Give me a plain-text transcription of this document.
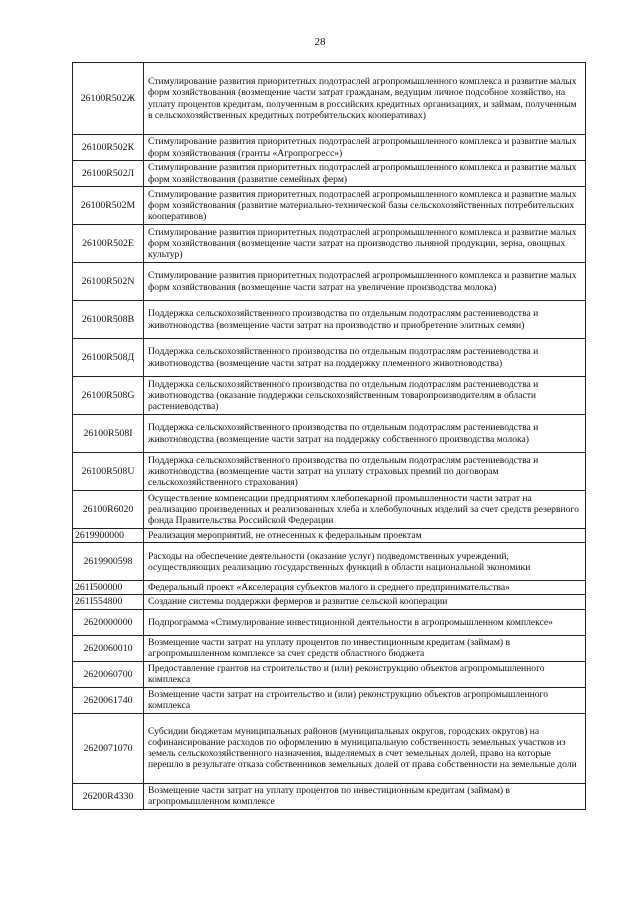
28
26100R502Ж	Стимулирование развития приоритетных подотраслей агропромышленного комплекса и развитие малых форм хозяйствования (возмещение части затрат гражданам, ведущим личное подсобное хозяйство, на уплату процентов кредитам, полученным в российских кредитных организациях, и займам, полученным в сельскохозяйственных кредитных потребительских кооперативах)
26100R502К	Стимулирование развития приоритетных подотраслей агропромышленного комплекса и развитие малых форм хозяйствования (гранты «Агропрогресс»)
26100R502Л	Стимулирование развития приоритетных подотраслей агропромышленного комплекса и развитие малых форм хозяйствования (развитие семейных ферм)
26100R502М	Стимулирование развития приоритетных подотраслей агропромышленного комплекса и развитие малых форм хозяйствования (развитие материально-технической базы сельскохозяйственных потребительских кооперативов)
26100R502Е	Стимулирование развития приоритетных подотраслей агропромышленного комплекса и развитие малых форм хозяйствования (возмещение части затрат на производство льняной продукции, зерна, овощных культур)
26100R502N	Стимулирование развития приоритетных подотраслей агропромышленного комплекса и развитие малых форм хозяйствования (возмещение части затрат на увеличение производства молока)
26100R508В	Поддержка сельскохозяйственного производства по отдельным подотраслям растениеводства и животноводства (возмещение части затрат на производство и приобретение элитных семян)
26100R508Д	Поддержка сельскохозяйственного производства по отдельным подотраслям растениеводства и животноводства (возмещение части затрат на поддержку племенного животноводства)
26100R508G	Поддержка сельскохозяйственного производства по отдельным подотраслям растениеводства и животноводства (оказание поддержки сельскохозяйственным товаропроизводителям в области растениеводства)
26100R508I	Поддержка сельскохозяйственного производства по отдельным подотраслям растениеводства и животноводства (возмещение части затрат на поддержку собственного производства молока)
26100R508U	Поддержка сельскохозяйственного производства по отдельным подотраслям растениеводства и животноводства (возмещение части затрат на уплату страховых премий по договорам сельскохозяйственного страхования)
26100R6020	Осуществление компенсации предприятиям хлебопекарной промышленности части затрат на реализацию произведенных и реализованных хлеба и хлебобулочных изделий за счет средств резервного фонда Правительства Российской Федерации
2619900000	Реализация мероприятий, не отнесенных к федеральным проектам
2619900598	Расходы на обеспечение деятельности (оказание услуг) подведомственных учреждений, осуществляющих реализацию государственных функций в области национальной экономики
261I500000	Федеральный проект «Акселерация субъектов малого и среднего предпринимательства»
261I554800	Создание системы поддержки фермеров и развитие сельской кооперации
2620000000	Подпрограмма «Стимулирование инвестиционной деятельности в агропромышленном комплексе»
2620060010	Возмещение части затрат на уплату процентов по инвестиционным кредитам (займам) в агропромышленном комплексе за счет средств областного бюджета
2620060700	Предоставление грантов на строительство и (или) реконструкцию объектов агропромышленного комплекса
2620061740	Возмещение части затрат на строительство и (или) реконструкцию объектов агропромышленного комплекса
2620071070	Субсидии бюджетам муниципальных районов (муниципальных округов, городских округов) на софинансирование расходов по оформлению в муниципальную собственность земельных участков из земель сельскохозяйственного назначения, выделяемых в счет земельных долей, право на которые перешло в результате отказа собственников земельных долей от права собственности на земельные доли
26200R4330	Возмещение части затрат на уплату процентов по инвестиционным кредитам (займам) в агропромышленном комплексе
